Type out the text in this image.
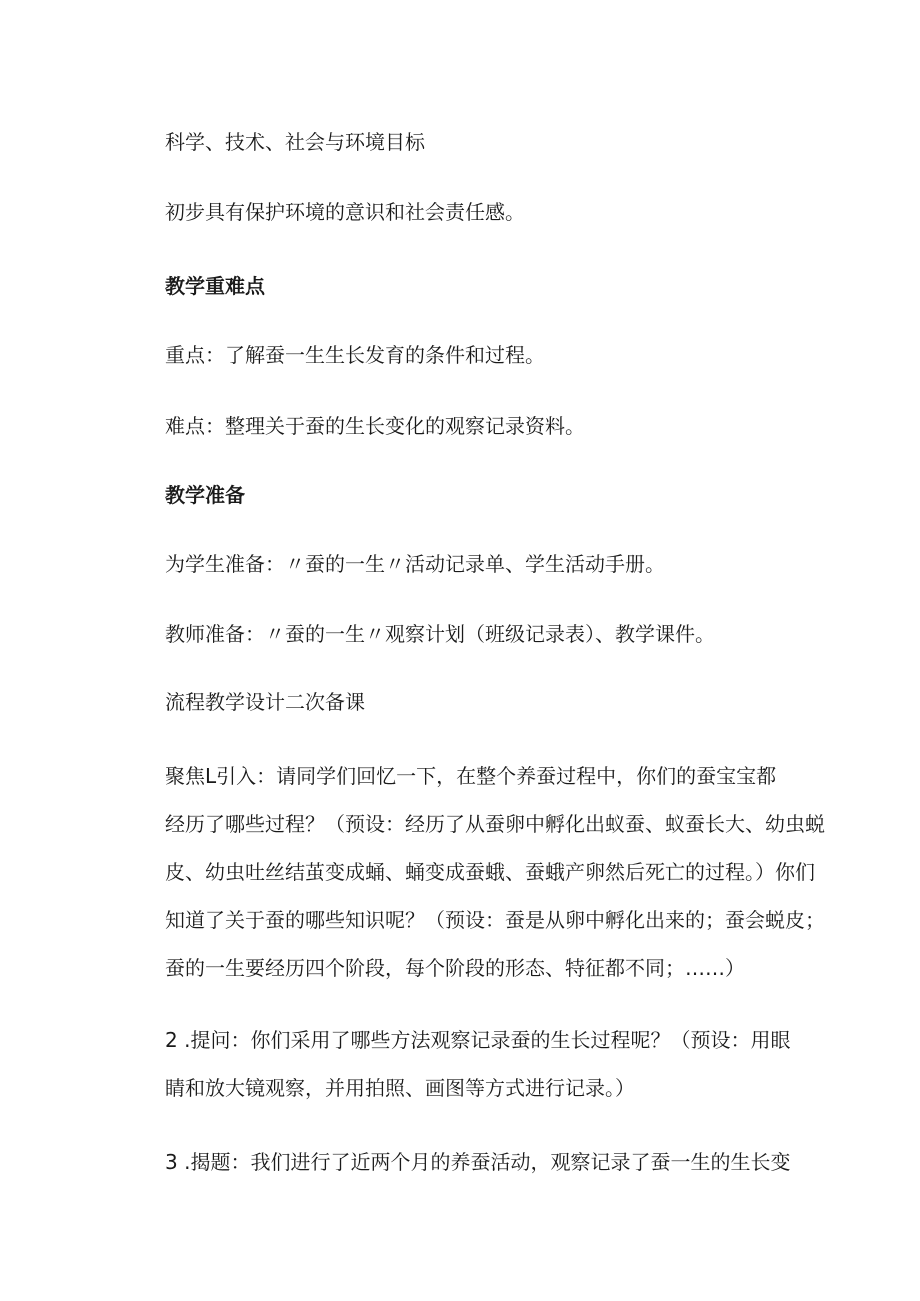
科学、技术、社会与环境目标

初步具有保护环境的意识和社会责任感。

教学重难点

重点：了解蚕一生生长发育的条件和过程。

难点：整理关于蚕的生长变化的观察记录资料。

教学准备

为学生准备：〃蚕的一生〃活动记录单、学生活动手册。

教师准备：〃蚕的一生〃观察计划（班级记录表）、教学课件。

流程教学设计二次备课

聚焦L引入：请同学们回忆一下，在整个养蚕过程中，你们的蚕宝宝都

经历了哪些过程？（预设：经历了从蚕卵中孵化出蚁蚕、蚁蚕长大、幼虫蜕

皮、幼虫吐丝结茧变成蛹、蛹变成蚕蛾、蚕蛾产卵然后死亡的过程。）你们

知道了关于蚕的哪些知识呢？（预设：蚕是从卵中孵化出来的；蚕会蜕皮；

蚕的一生要经历四个阶段，每个阶段的形态、特征都不同；……）

2 .提问：你们采用了哪些方法观察记录蚕的生长过程呢？（预设：用眼

睛和放大镜观察，并用拍照、画图等方式进行记录。）

3 .揭题：我们进行了近两个月的养蚕活动，观察记录了蚕一生的生长变
